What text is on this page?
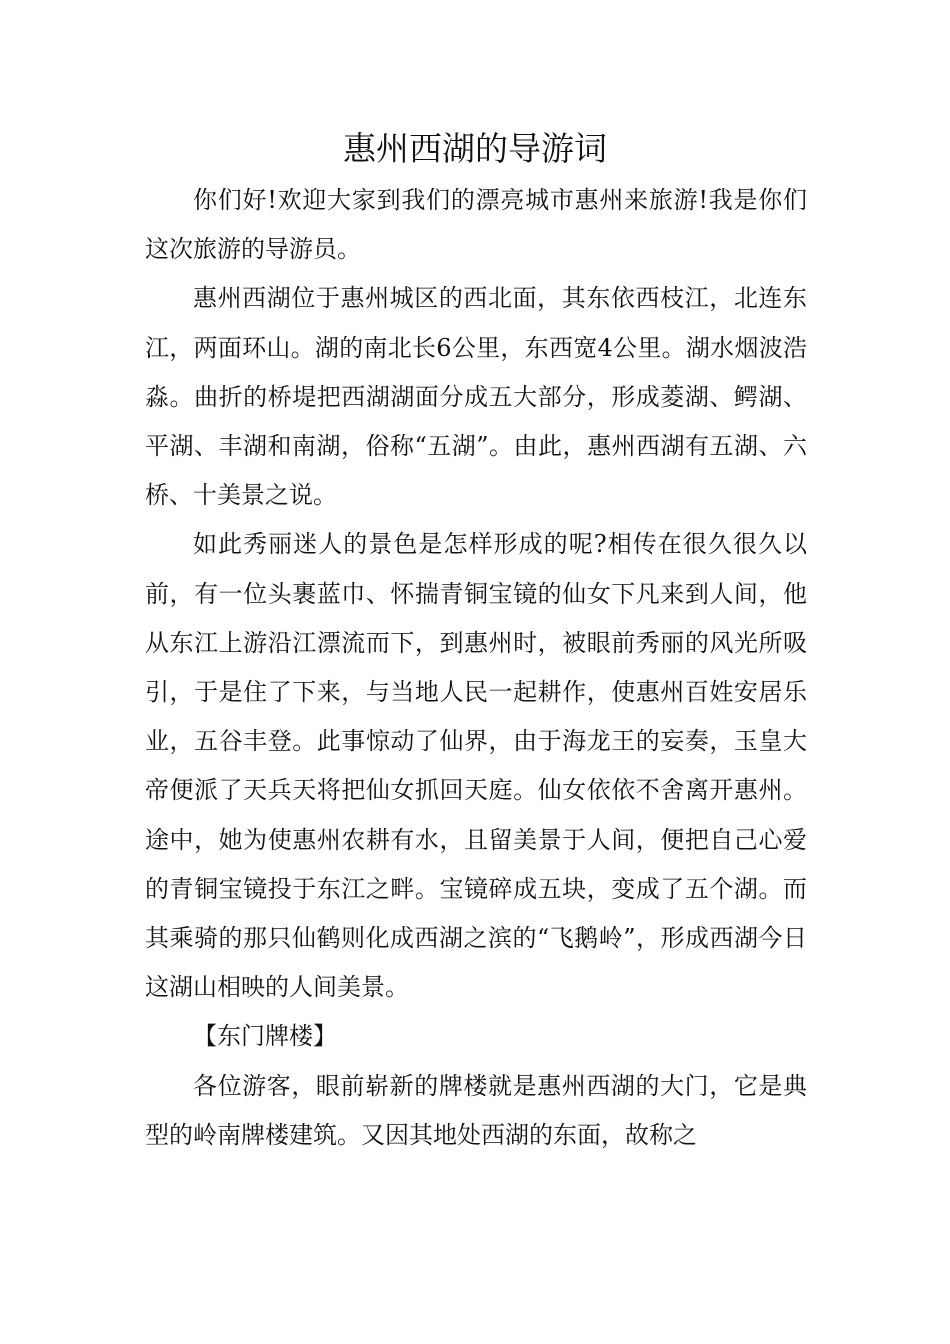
惠州西湖的导游词

你们好!欢迎大家到我们的漂亮城市惠州来旅游!我是你们这次旅游的导游员。

惠州西湖位于惠州城区的西北面，其东依西枝江，北连东江，两面环山。湖的南北长6公里，东西宽4公里。湖水烟波浩淼。曲折的桥堤把西湖湖面分成五大部分，形成菱湖、鳄湖、平湖、丰湖和南湖，俗称“五湖”。由此，惠州西湖有五湖、六桥、十美景之说。

如此秀丽迷人的景色是怎样形成的呢?相传在很久很久以前，有一位头裹蓝巾、怀揣青铜宝镜的仙女下凡来到人间，他从东江上游沿江漂流而下，到惠州时，被眼前秀丽的风光所吸引，于是住了下来，与当地人民一起耕作，使惠州百姓安居乐业，五谷丰登。此事惊动了仙界，由于海龙王的妄奏，玉皇大帝便派了天兵天将把仙女抓回天庭。仙女依依不舍离开惠州。途中，她为使惠州农耕有水，且留美景于人间，便把自己心爱的青铜宝镜投于东江之畔。宝镜碎成五块，变成了五个湖。而其乘骑的那只仙鹤则化成西湖之滨的“飞鹅岭”，形成西湖今日这湖山相映的人间美景。

【东门牌楼】

各位游客，眼前崭新的牌楼就是惠州西湖的大门，它是典型的岭南牌楼建筑。又因其地处西湖的东面，故称之
